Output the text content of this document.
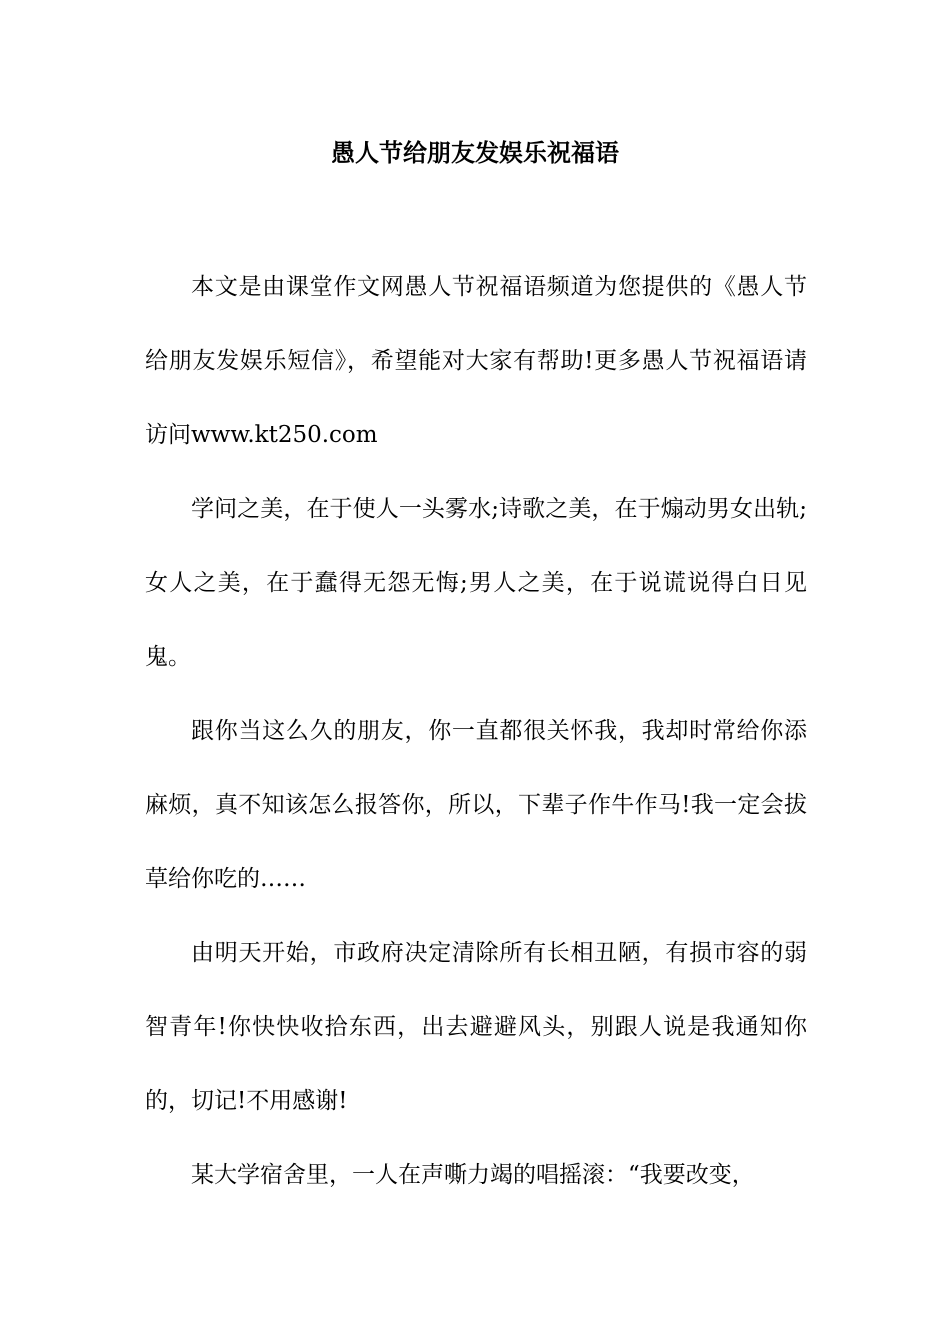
愚人节给朋友发娱乐祝福语

本文是由课堂作文网愚人节祝福语频道为您提供的《愚人节给朋友发娱乐短信》，希望能对大家有帮助!更多愚人节祝福语请访问www.kt250.com

学问之美，在于使人一头雾水;诗歌之美，在于煽动男女出轨;女人之美，在于蠢得无怨无悔;男人之美，在于说谎说得白日见鬼。

跟你当这么久的朋友，你一直都很关怀我，我却时常给你添麻烦，真不知该怎么报答你，所以，下辈子作牛作马!我一定会拔草给你吃的……

由明天开始，市政府决定清除所有长相丑陋，有损市容的弱智青年!你快快收拾东西，出去避避风头，别跟人说是我通知你的，切记!不用感谢!

某大学宿舍里，一人在声嘶力竭的唱摇滚：“我要改变，
